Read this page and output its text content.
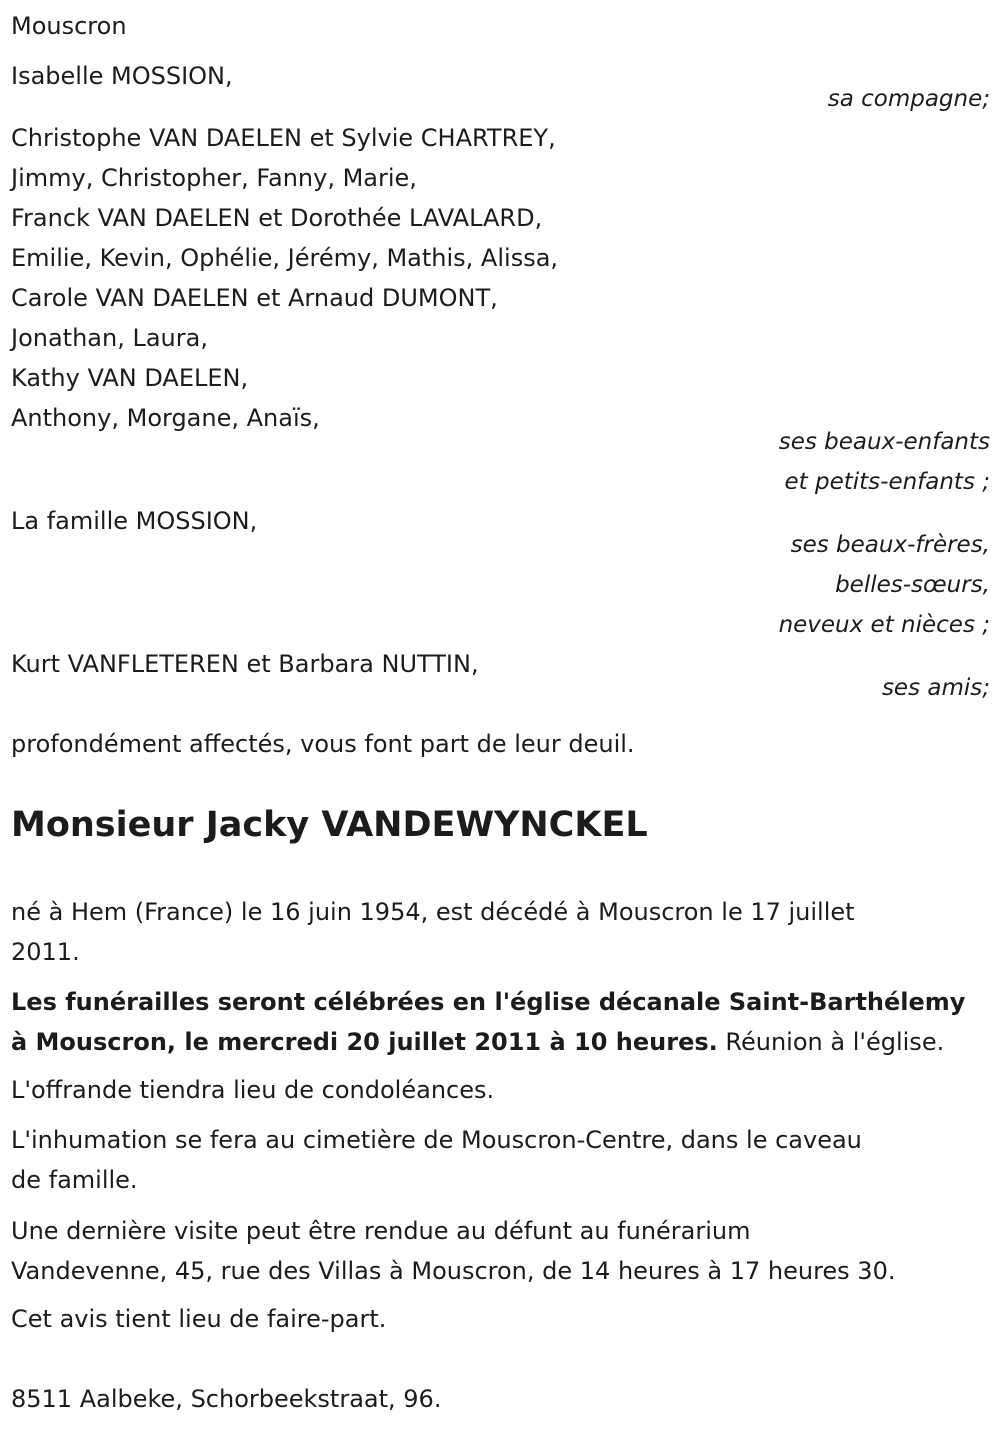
Mouscron

Isabelle MOSSION,

sa compagne;

Christophe VAN DAELEN et Sylvie CHARTREY,

Jimmy, Christopher, Fanny, Marie,

Franck VAN DAELEN et Dorothée LAVALARD,

Emilie, Kevin, Ophélie, Jérémy, Mathis, Alissa,

Carole VAN DAELEN et Arnaud DUMONT,

Jonathan, Laura,

Kathy VAN DAELEN,

Anthony, Morgane, Anaïs,

ses beaux-enfants

et petits-enfants ;

La famille MOSSION,

ses beaux-frères,

belles-sœurs,

neveux et nièces ;

Kurt VANFLETEREN et Barbara NUTTIN,

ses amis;

profondément affectés, vous font part de leur deuil.

Monsieur Jacky VANDEWYNCKEL

né à Hem (France) le 16 juin 1954, est décédé à Mouscron le 17 juillet

2011.

Les funérailles seront célébrées en l'église décanale Saint-Barthélemy

à Mouscron, le mercredi 20 juillet 2011 à 10 heures. Réunion à l'église.

L'offrande tiendra lieu de condoléances.

L'inhumation se fera au cimetière de Mouscron-Centre, dans le caveau

de famille.

Une dernière visite peut être rendue au défunt au funérarium

Vandevenne, 45, rue des Villas à Mouscron, de 14 heures à 17 heures 30.

Cet avis tient lieu de faire-part.

8511 Aalbeke, Schorbeekstraat, 96.
